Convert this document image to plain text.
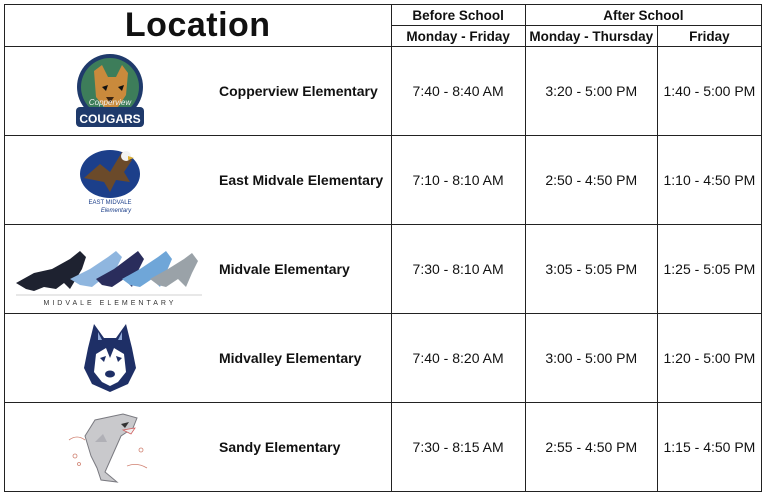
Location	Before School	After School	
	Monday - Friday	Monday - Thursday	Friday

Copperview
COUGARS
Copperview Elementary	7:40 - 8:40 AM	3:20 - 5:00 PM	1:40 - 5:00 PM

EAST MIDVALE
Elementary
East Midvale Elementary	7:10 - 8:10 AM	2:50 - 4:50 PM	1:10 - 4:50 PM

MIDVALE ELEMENTARY
Midvale Elementary	7:30 - 8:10 AM	3:05 - 5:05 PM	1:25 - 5:05 PM

Midvalley Elementary	7:40 - 8:20 AM	3:00 - 5:00 PM	1:20 - 5:00 PM

Sandy Elementary	7:30 - 8:15 AM	2:55 - 4:50 PM	1:15 - 4:50 PM
